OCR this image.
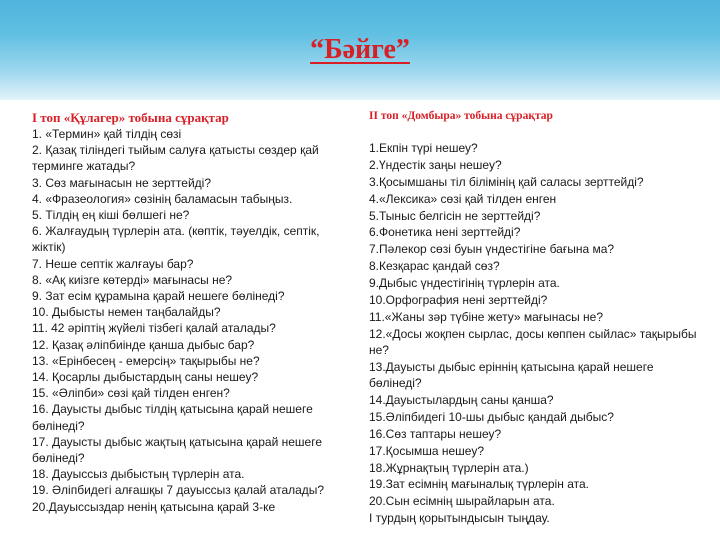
“Бәйге”

І топ «Құлагер» тобына сұрақтар

1. «Термин» қай тілдің сөзі
2. Қазақ тіліндегі тыйым салуға қатысты сөздер қай терминге жатады?
3. Сөз мағынасын не зерттейді?
4. «Фразеология» сөзінің баламасын табыңыз.
5. Тілдің ең кіші бөлшегі не?
6. Жалғаудың түрлерін ата. (көптік, тәуелдік, септік, жіктік)
7. Неше септік жалғауы бар?
8. «Ақ киізге көтерді» мағынасы не?
9. Зат есім құрамына қарай нешеге бөлінеді?
10. Дыбысты немен таңбалайды?
11. 42 әріптің жүйелі тізбегі қалай аталады?
12. Қазақ әліпбиінде қанша дыбыс бар?
13. «Ерінбесең - емерсің» тақырыбы не?
14. Қосарлы дыбыстардың саны нешеу?
15. «Әліпби» сөзі қай тілден енген?
16. Дауысты дыбыс тілдің қатысына қарай нешеге бөлінеді?
17. Дауысты дыбыс жақтың қатысына қарай нешеге бөлінеді?
18. Дауыссыз дыбыстың түрлерін ата.
19. Әліпбидегі алғашқы 7 дауыссыз қалай аталады?
20.Дауыссыздар ненің қатысына қарай 3-ке

ІІ топ «Домбыра» тобына сұрақтар

1.Екпін түрі нешеу?
2.Үндестік заңы нешеу?
3.Қосымшаны тіл білімінің қай саласы зерттейді?
4.«Лексика» сөзі қай тілден енген
5.Тыныс белгісін не зерттейді?
6.Фонетика нені зерттейді?
7.Пәлекор сөзі буын үндестігіне бағына ма?
8.Кезқарас қандай сөз?
9.Дыбыс үндестігінің түрлерін ата.
10.Орфография нені зерттейді?
11.«Жаны зәр түбіне жету» мағынасы не?
12.«Досы жоқпен сырлас, досы көппен сыйлас» тақырыбы не?
13.Дауысты дыбыс еріннің қатысына қарай нешеге бөлінеді?
14.Дауыстылардың саны қанша?
15.Әліпбидегі 10-шы дыбыс қандай дыбыс?
16.Сөз таптары нешеу?
17.Қосымша нешеу?
18.Жұрнақтың түрлерін ата.)
19.Зат есімнің мағыналық түрлерін ата.
20.Сын есімнің шырайларын ата.
І турдың қорытындысын тыңдау.
